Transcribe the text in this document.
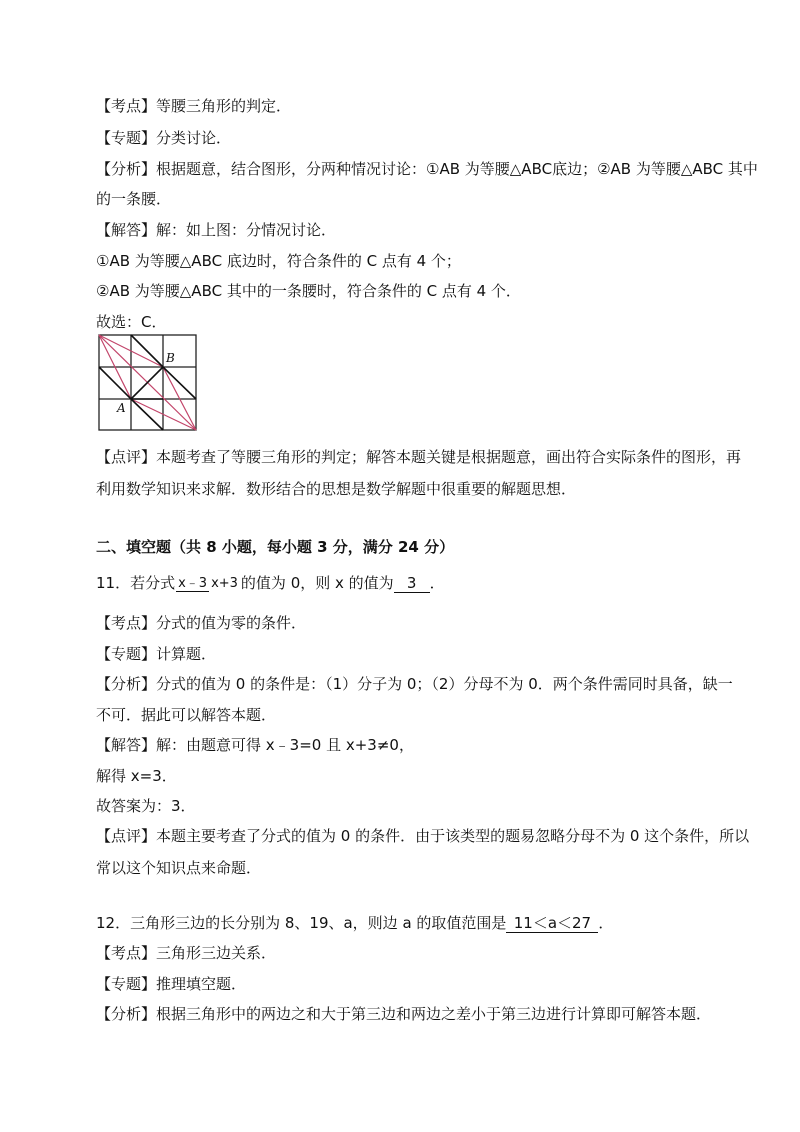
【考点】等腰三角形的判定．
【专题】分类讨论．
【分析】根据题意，结合图形，分两种情况讨论：①AB 为等腰△ABC底边；②AB 为等腰△ABC 其中
的一条腰．
【解答】解：如上图：分情况讨论．
①AB 为等腰△ABC 底边时，符合条件的 C 点有 4 个；
②AB 为等腰△ABC 其中的一条腰时，符合条件的 C 点有 4 个．
故选：C．
B
A
【点评】本题考查了等腰三角形的判定；解答本题关键是根据题意，画出符合实际条件的图形，再
利用数学知识来求解．数形结合的思想是数学解题中很重要的解题思想．
二、填空题（共 8 小题，每小题 3 分，满分 24 分）
11．若分式 x﹣3 x+3 的值为 0，则 x 的值为 3 ．
【考点】分式的值为零的条件．
【专题】计算题．
【分析】分式的值为 0 的条件是：（1）分子为 0；（2）分母不为 0．两个条件需同时具备，缺一
不可．据此可以解答本题．
【解答】解：由题意可得 x﹣3=0 且 x+3≠0，
解得 x=3．
故答案为：3．
【点评】本题主要考查了分式的值为 0 的条件．由于该类型的题易忽略分母不为 0 这个条件，所以
常以这个知识点来命题．
12．三角形三边的长分别为 8、19、a，则边 a 的取值范围是 11＜a＜27 ．
【考点】三角形三边关系．
【专题】推理填空题．
【分析】根据三角形中的两边之和大于第三边和两边之差小于第三边进行计算即可解答本题．
